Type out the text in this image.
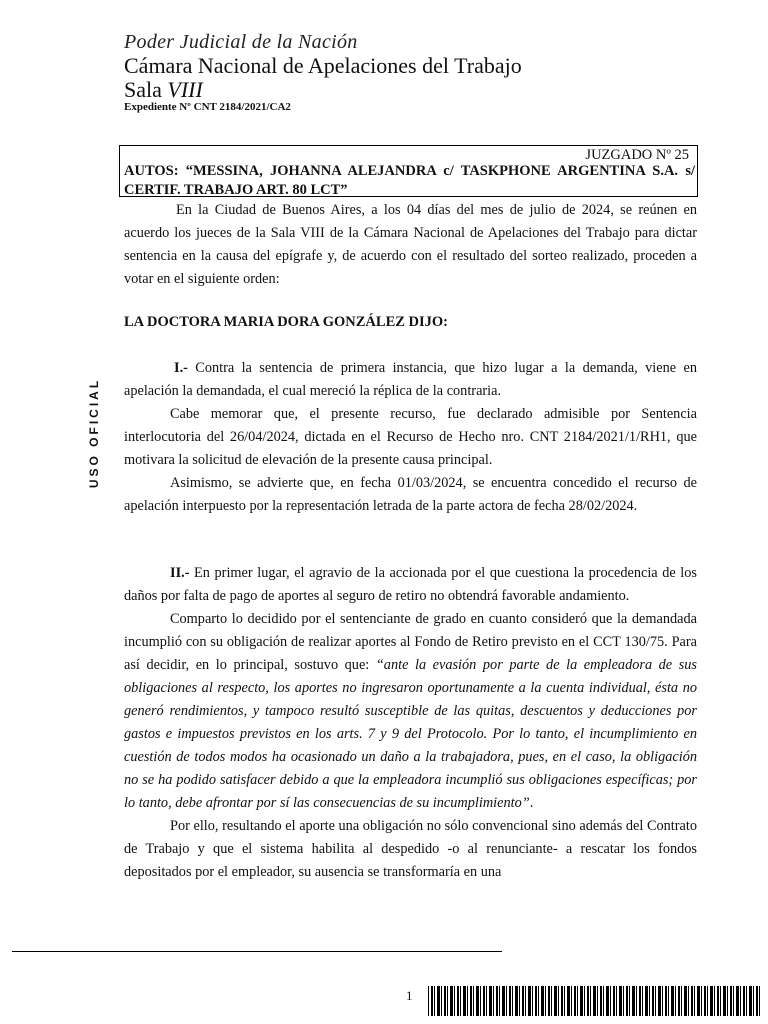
Poder Judicial de la Nación
Cámara Nacional de Apelaciones del Trabajo
Sala VIII
Expediente Nº CNT 2184/2021/CA2
JUZGADO Nº 25
AUTOS: “MESSINA, JOHANNA ALEJANDRA c/ TASKPHONE ARGENTINA S.A. s/ CERTIF. TRABAJO ART. 80 LCT”
USO OFICIAL

En la Ciudad de Buenos Aires, a los 04 días del mes de julio de 2024, se reúnen en acuerdo los jueces de la Sala VIII de la Cámara Nacional de Apelaciones del Trabajo para dictar sentencia en la causa del epígrafe y, de acuerdo con el resultado del sorteo realizado, proceden a votar en el siguiente orden:

LA DOCTORA MARIA DORA GONZÁLEZ DIJO:

I.- Contra la sentencia de primera instancia, que hizo lugar a la demanda, viene en apelación la demandada, el cual mereció la réplica de la contraria.

Cabe memorar que, el presente recurso, fue declarado admisible por Sentencia interlocutoria del 26/04/2024, dictada en el Recurso de Hecho nro. CNT 2184/2021/1/RH1, que motivara la solicitud de elevación de la presente causa principal.

Asimismo, se advierte que, en fecha 01/03/2024, se encuentra concedido el recurso de apelación interpuesto por la representación letrada de la parte actora de fecha 28/02/2024.

II.- En primer lugar, el agravio de la accionada por el que cuestiona la procedencia de los daños por falta de pago de aportes al seguro de retiro no obtendrá favorable andamiento.

Comparto lo decidido por el sentenciante de grado en cuanto consideró que la demandada incumplió con su obligación de realizar aportes al Fondo de Retiro previsto en el CCT 130/75. Para así decidir, en lo principal, sostuvo que: “ante la evasión por parte de la empleadora de sus obligaciones al respecto, los aportes no ingresaron oportunamente a la cuenta individual, ésta no generó rendimientos, y tampoco resultó susceptible de las quitas, descuentos y deducciones por gastos e impuestos previstos en los arts. 7 y 9 del Protocolo. Por lo tanto, el incumplimiento en cuestión de todos modos ha ocasionado un daño a la trabajadora, pues, en el caso, la obligación no se ha podido satisfacer debido a que la empleadora incumplió sus obligaciones específicas; por lo tanto, debe afrontar por sí las consecuencias de su incumplimiento”.

Por ello, resultando el aporte una obligación no sólo convencional sino además del Contrato de Trabajo y que el sistema habilita al despedido -o al renunciante- a rescatar los fondos depositados por el empleador, su ausencia se transformaría en una

1
